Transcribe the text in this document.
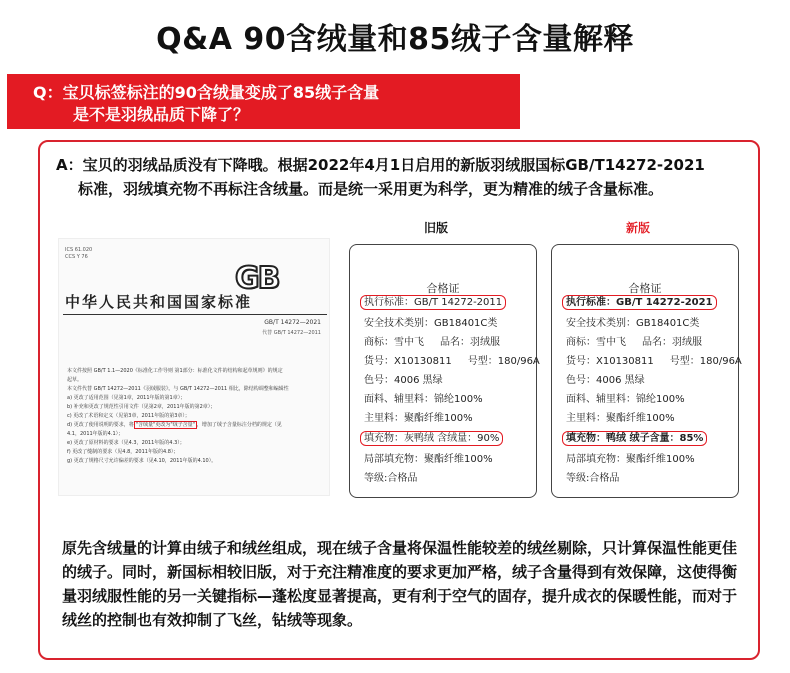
Q&A 90含绒量和85绒子含量解释
Q：宝贝标签标注的90含绒量变成了85绒子含量
是不是羽绒品质下降了？
A：宝贝的羽绒品质没有下降哦。根据2022年4月1日启用的新版羽绒服国标GB/T14272-2021
标准，羽绒填充物不再标注含绒量。而是统一采用更为科学，更为精准的绒子含量标准。
ICS 61.020
CCS Y 76
GB
中华人民共和国国家标准
GB/T 14272—2021
代替 GB/T 14272—2011
本文件按照 GB/T 1.1—2020《标准化工作导则 第1部分：标准化文件的结构和起草规则》的规定
起草。
本文件代替 GB/T 14272—2011《羽绒服装》。与 GB/T 14272—2011 相比，除结构调整和编辑性
a) 更改了适用范围（见第1章，2011年版的第1章）；
b) 补充和更改了规范性引用文件（见第2章，2011年版的第2章）；
c) 更改了术语和定义（见第3章，2011年版的第3章）；
d) 更改了使用说明的要求，将 "含绒量"更改为"绒子含量" ，增加了绒子含量标注分档的规定（见
4.1，2011年版的4.1）；
e) 更改了原材料的要求（见4.3，2011年版的4.3）；
f) 更改了缝制的要求（见4.8，2011年版的4.8）；
g) 更改了规格尺寸允许偏差的要求（见4.10，2011年版的4.10）。
旧版	新版
合格证
执行标准：GB/T 14272-2011
安全技术类别：GB18401C类
商标：雪中飞 品名：羽绒服
货号：X10130811 号型：180/96A
色号：4006 黑绿
面料、辅里料：锦纶100%
主里料：聚酯纤维100%
填充物：灰鸭绒 含绒量：90%
局部填充物：聚酯纤维100%
等级:合格品
合格证
执行标准：GB/T 14272-2021
安全技术类别：GB18401C类
商标：雪中飞 品名：羽绒服
货号：X10130811 号型：180/96A
色号：4006 黑绿
面料、辅里料：锦纶100%
主里料：聚酯纤维100%
填充物：鸭绒 绒子含量：85%
局部填充物：聚酯纤维100%
等级:合格品
原先含绒量的计算由绒子和绒丝组成，现在绒子含量将保温性能较差的绒丝剔除，只计算保温性能更佳的绒子。同时，新国标相较旧版，对于充注精准度的要求更加严格，绒子含量得到有效保障，这使得衡量羽绒服性能的另一关键指标—蓬松度显著提高，更有利于空气的固存，提升成衣的保暖性能，而对于绒丝的控制也有效抑制了飞丝，钻绒等现象。
